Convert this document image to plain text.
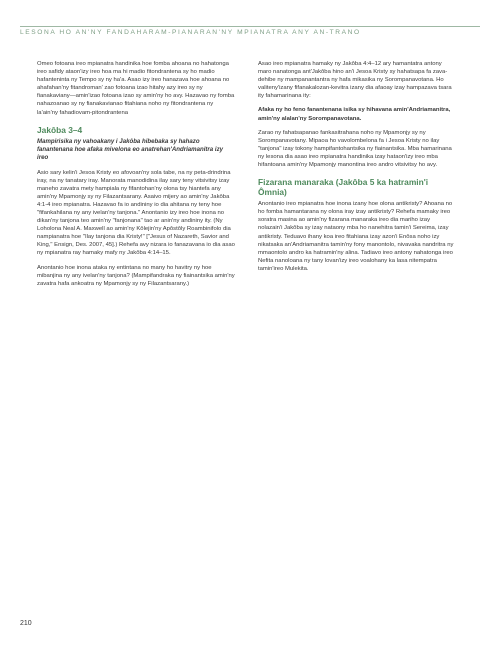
LESONA HO AN'NY FANDAHARAM-PIANARAN'NY MPIANATRA ANY AN-TRANO

Omeo fotoana ireo mpianatra handinika hoe fomba ahoana no hahatonga ireo safidy ataon'izy ireo hoa ma hi madio fitondrantena sy ho madio hafanteninta ny Tempo sy ny ha'a. Asao izy ireo hanazava hoe ahoana no ahafahan'ny fitandroman' zao fotoana izao hitahy azy ireo sy ny fianakaviany—amin'izao fotoana izao sy amin'ny ho avy. Hazavao ny fomba nahazoanao sy ny fianakavianao fitahiana noho ny fitondrantena ny la'ain'ny fahadiovam-pitondrantena

Jakôba 3–4

Mampirisika ny vahoakany i Jakôba hibebaka sy hahazo fanantenana hoe afaka mivelona eo anatrehan'Andriamanitra izy ireo

Asio sary kelin'i Jesoa Kristy eo afovoan'ny sola tabe, na ny peta-drindrina iray, na ny tanatary iray. Manorata manodidina ilay sary teny vitsivitsy izay maneho zavatra mety hampiala ny fifantohan'ny olona tsy hiantefa any amin'ny Mpamonjy sy ny Filazantsarany. Asaivo mijery ao amin'ny Jakôba 4:1-4 ireo mpianatra. Hazavao fa io andininy io dia ahitana ny teny hoe "fifankahilana ny any ivelan'ny tanjona." Anontanio izy ireo hoe inona no dikan'ny tanjona teo amin'ny "fanjonana" tao ar anin'ny andininy ity. (Ny Loholona Neal A. Maxwell ao amin'ny Kôlejin'ny Apôstôly Roambinifolo dia nampianatra hoe "Ilay tanjona dia Kristy!" ["Jesus of Nazareth, Savior and King," Ensign, Des. 2007, 45].) Rehefa avy nizara io fanazavana io dia asao ny mpianatra ray hamaky mafy ny Jakôba 4:14–15.

Anontanio hoe inona ataka ny entintana no many ho havitry ny hoe mibanjina ny any ivelan'ny tanjona? (Mampifandraka ny fiainantsika amin'ny zavatra hafa ankoatra ny Mpamonjy sy ny Filazantsarany.)

Asao ireo mpianatra hamaky ny Jakôba 4:4–12 ary hamantatra antony maro nanatonga ant'Jakôba hino an'i Jesoa Kristy sy hahatsapa fa zava-dehibe ny mampanantantra ny hafa mikasika ny Sorompanavotana. Ho valiteny'izany fifanakalozan-kevitra izany dia afaoay izay hampazava tsara ity fahamarinana ity:

Afaka ny ho feno fanantenana isika sy hihavana amin'Andriamanitra, amin'ny alalan'ny Sorompanavotana.

Zarao ny fahatsapanao fankasitrahana noho ny Mpamonjy sy ny Sorompanavotany. Mipaoa ho vavolombelona fa i Jesoa Kristy no ilay "tanjona" izay tokony hampifantohantsika ny fiainantsika. Mba hamarinana ny lesona dia asao ireo mpianatra handinika izay hataon'izy ireo mba hifantoana amin'ny Mpamonjy manontina ireo andro vitsivitsy ho avy.

Fizarana manaraka (Jakôba 5 ka hatramin'i Ômnia)

Anontanio ireo mpianatra hoe inona izany hoe olona antikristy? Ahoana no ho fomba hamantarana ny olona iray izay antikristy? Rehefa mamaky ireo soratra masina ao amin'ny fizarana manaraka ireo dia mariho izay nolazain'i Jakôba sy izay nataony mba ho nanehitra tamin'i Sereima, izay antikristy. Teduavo ihany koa ireo fitahiana izay azon'i Enôsa noho izy nikatsaka an'Andriamanitra tamin'ny fony manontolo, nivavaka nandritra ny mmaontolo andro ka hatramin'ny alina. Tadiavo ireo antony nahatonga ireo Nefita nanoloana ny tany lovan'izy ireo voalohany ka lasa nitempatra tamin'ireo Mulekita.

210
